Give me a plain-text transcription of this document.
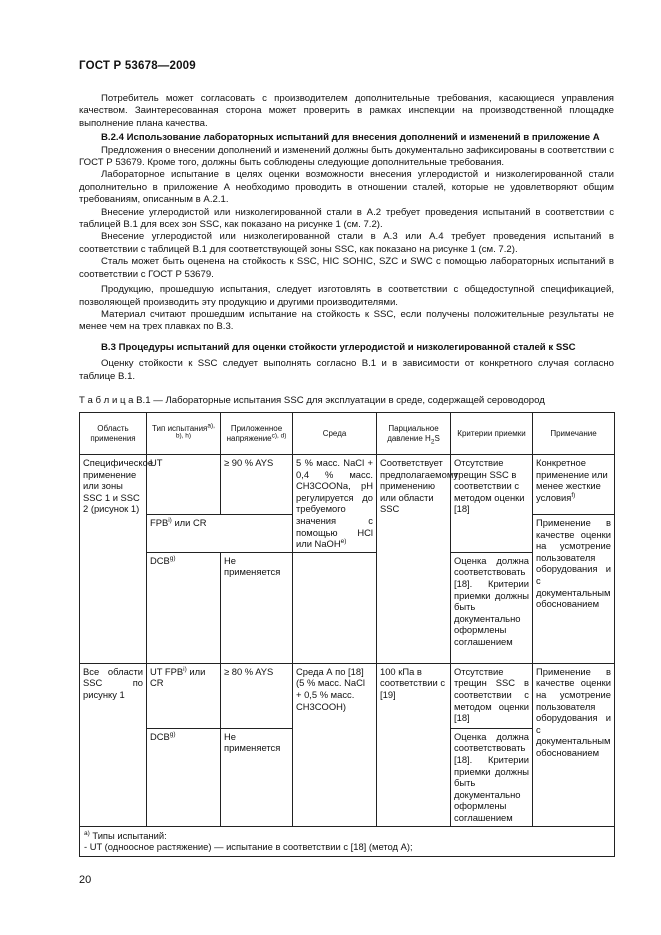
ГОСТ Р 53678—2009

Потребитель может согласовать с производителем дополнительные требования, касающиеся управления качеством. Заинтересованная сторона может проверить в рамках инспекции на производственной площадке выполнение плана качества.

В.2.4 Использование лабораторных испытаний для внесения дополнений и изменений в приложение А

Предложения о внесении дополнений и изменений должны быть документально зафиксированы в соответствии с ГОСТ Р 53679. Кроме того, должны быть соблюдены следующие дополнительные требования.

Лабораторное испытание в целях оценки возможности внесения углеродистой и низколегированной стали дополнительно в приложение А необходимо проводить в отношении сталей, которые не удовлетворяют общим требованиям, описанным в А.2.1.

Внесение углеродистой или низколегированной стали в А.2 требует проведения испытаний в соответствии с таблицей В.1 для всех зон SSC, как показано на рисунке 1 (см. 7.2).

Внесение углеродистой или низколегированной стали в А.3 или А.4 требует проведения испытаний в соответствии с таблицей В.1 для соответствующей зоны SSC, как показано на рисунке 1 (см. 7.2).

Сталь может быть оценена на стойкость к SSC, HIC SOHIC, SZC и SWC с помощью лабораторных испытаний в соответствии с ГОСТ Р 53679.

Продукцию, прошедшую испытания, следует изготовлять в соответствии с общедоступной спецификацией, позволяющей производить эту продукцию и другими производителями.

Материал считают прошедшим испытание на стойкость к SSC, если получены положительные результаты не менее чем на трех плавках по В.3.

В.3 Процедуры испытаний для оценки стойкости углеродистой и низколегированной сталей к SSC

Оценку стойкости к SSC следует выполнять согласно В.1 и в зависимости от конкретного случая согласно таблице В.1.

Т а б л и ц а В.1 — Лабораторные испытания SSC для эксплуатации в среде, содержащей сероводород

Область применения	Тип испытания$^{а), b), h)}$	Приложенное напряжение$^{с), d)}$	Среда	Парциальное давление $H_2S$	Критерии приемки	Примечание
Специфическое применение или зоны SSC 1 и SSC 2 (рисунок 1)	UT	≥ 90 % AYS	5 % масс. NaCl + 0,4 % масс. CH3COONa, pH регулируется до требуемого значения с помощью HCl или NaOH$^{е)}$	Соответствует предполагаемому применению или области SSC	Отсутствие трещин SSC в соответствии с методом оценки [18]	Конкретное применение или менее жесткие условия$^{f)}$
	FPB$^{i)}$ или CR					Применение в качестве оценки на усмотрение пользователя оборудования и с документальным обоснованием
	DCB$^{g)}$	Не применяется			Оценка должна соответствовать [18]. Критерии приемки должны быть документально оформлены соглашением	
Все области SSC по рисунку 1	UT FPB$^{i)}$ или CR	≥ 80 % AYS	Среда А по [18] (5 % масс. NaCl + 0,5 % масс. CH3COOH)	100 кПа в соответствии с [19]	Отсутствие трещин SSC в соответствии с методом оценки [18]	Применение в качестве оценки на усмотрение пользователя оборудования и с документальным обоснованием
	DCB$^{g)}$	Не применяется			Оценка должна соответствовать [18]. Критерии приемки должны быть документально оформлены соглашением	

$^{а)}$ Типы испытаний:
- UT (одноосное растяжение) — испытание в соответствии с [18] (метод А);						
20
